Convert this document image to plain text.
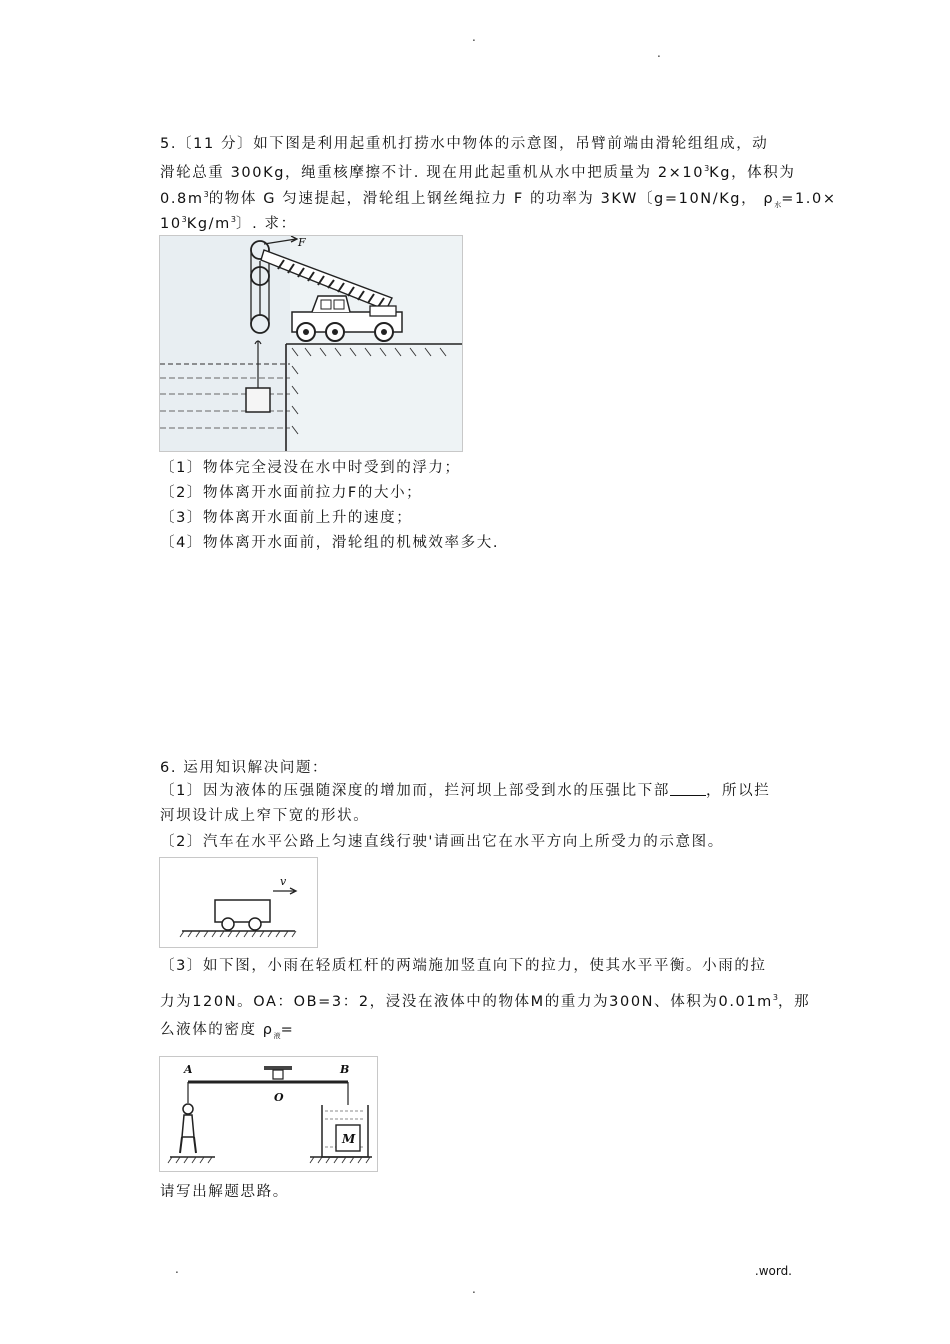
.
.
5.〔11 分〕如下图是利用起重机打捞水中物体的示意图，吊臂前端由滑轮组组成，动
滑轮总重 300Kg，绳重核摩擦不计. 现在用此起重机从水中把质量为 $2\times 10^3Kg$，体积为
$0.8m^3$的物体 G 匀速提起，滑轮组上钢丝绳拉力 F 的功率为 3KW〔g=10N/Kg， $\rho_水=1.0\times$
$10^3Kg/m^3$〕. 求：
F
〔1〕物体完全浸没在水中时受到的浮力；
〔2〕物体离开水面前拉力F的大小；
〔3〕物体离开水面前上升的速度；
〔4〕物体离开水面前，滑轮组的机械效率多大.
6. 运用知识解决问题：
〔1〕因为液体的压强随深度的增加而，拦河坝上部受到水的压强比下部 ，所以拦
河坝设计成上窄下宽的形状。
〔2〕汽车在水平公路上匀速直线行驶'请画出它在水平方向上所受力的示意图。
v
〔3〕如下图，小雨在轻质杠杆的两端施加竖直向下的拉力，使其水平平衡。小雨的拉
力为120N。OA：OB=3：2，浸没在液体中的物体M的重力为300N、体积为$0.01m^3$，那
么液体的密度 $\rho_液=$
A	B
O
M
请写出解题思路。
.
.
.word.
